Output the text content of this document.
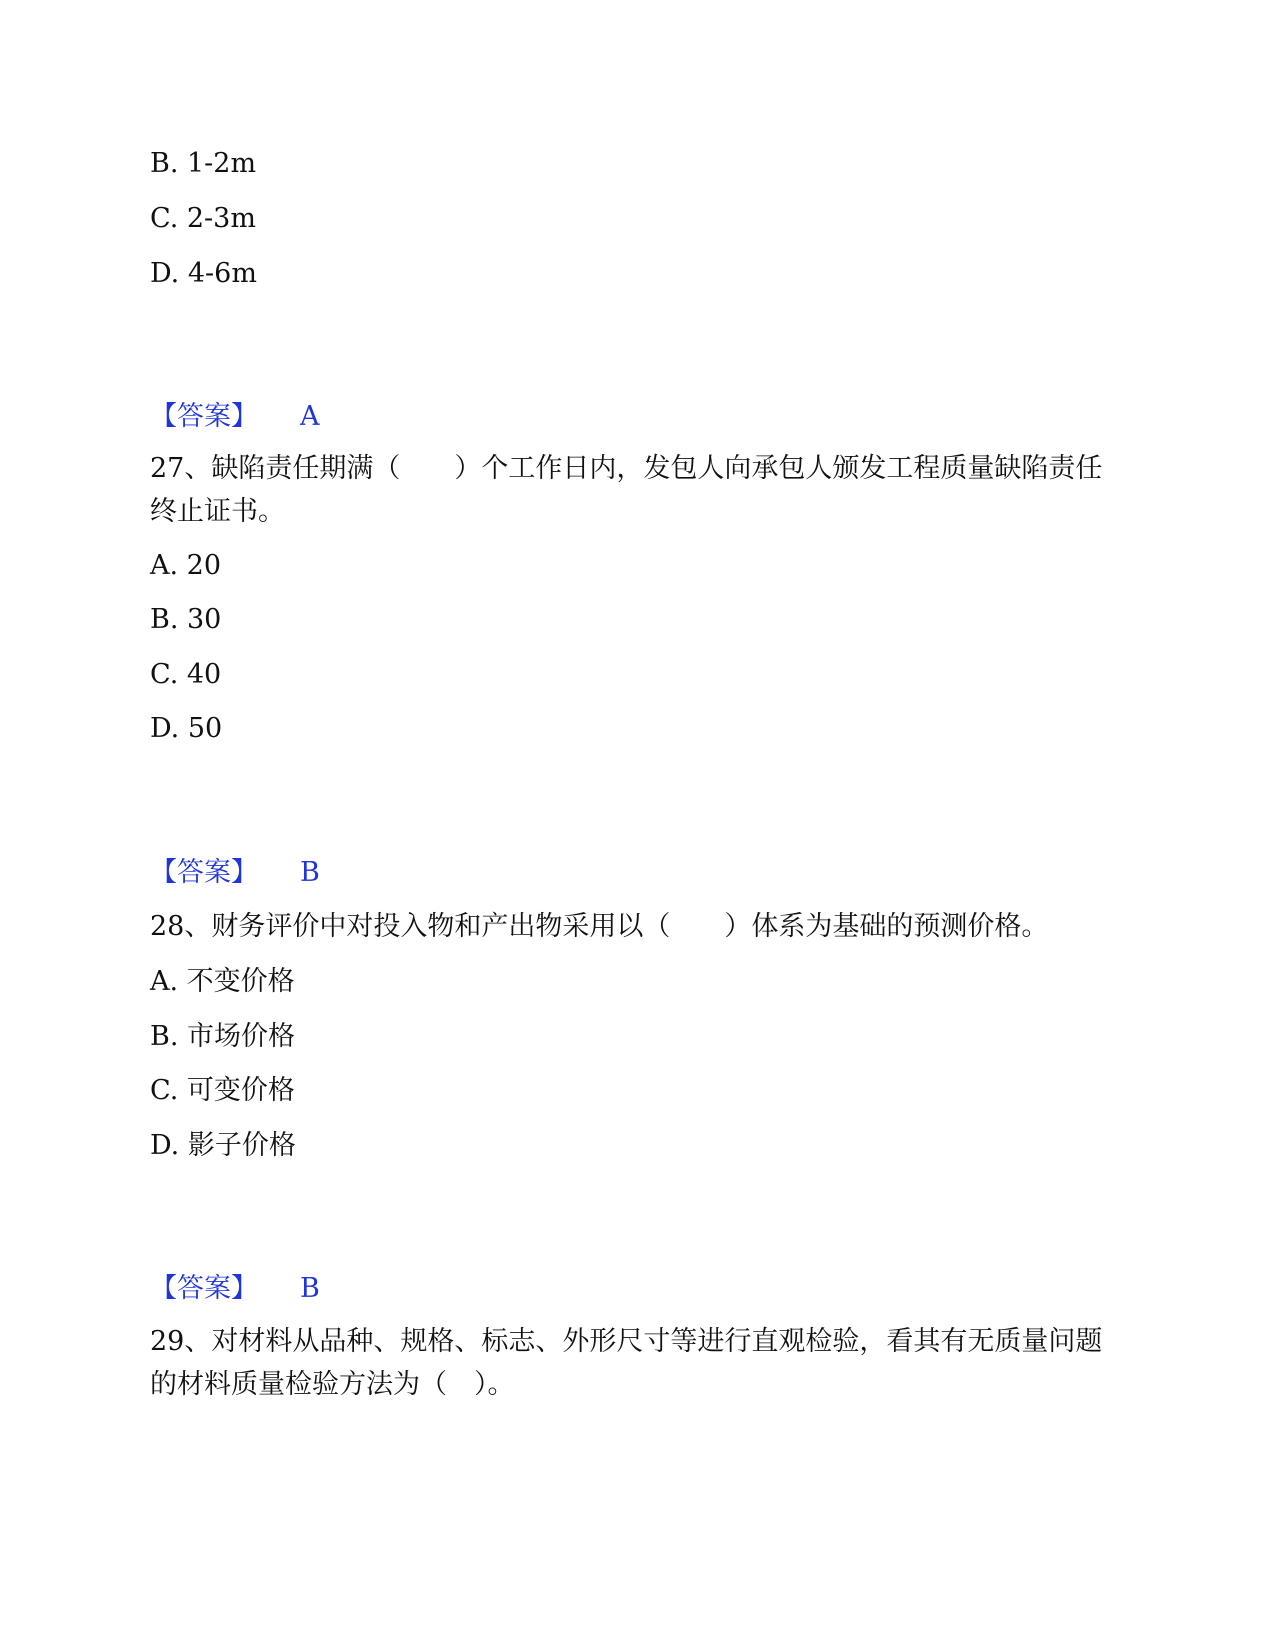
B. 1-2m
C. 2-3m
D. 4-6m
【答案】 A
27、缺陷责任期满（　　）个工作日内，发包人向承包人颁发工程质量缺陷责任终止证书。
A. 20
B. 30
C. 40
D. 50
【答案】 B
28、财务评价中对投入物和产出物采用以（　　）体系为基础的预测价格。
A. 不变价格
B. 市场价格
C. 可变价格
D. 影子价格
【答案】 B
29、对材料从品种、规格、标志、外形尺寸等进行直观检验，看其有无质量问题的材料质量检验方法为（　）。
